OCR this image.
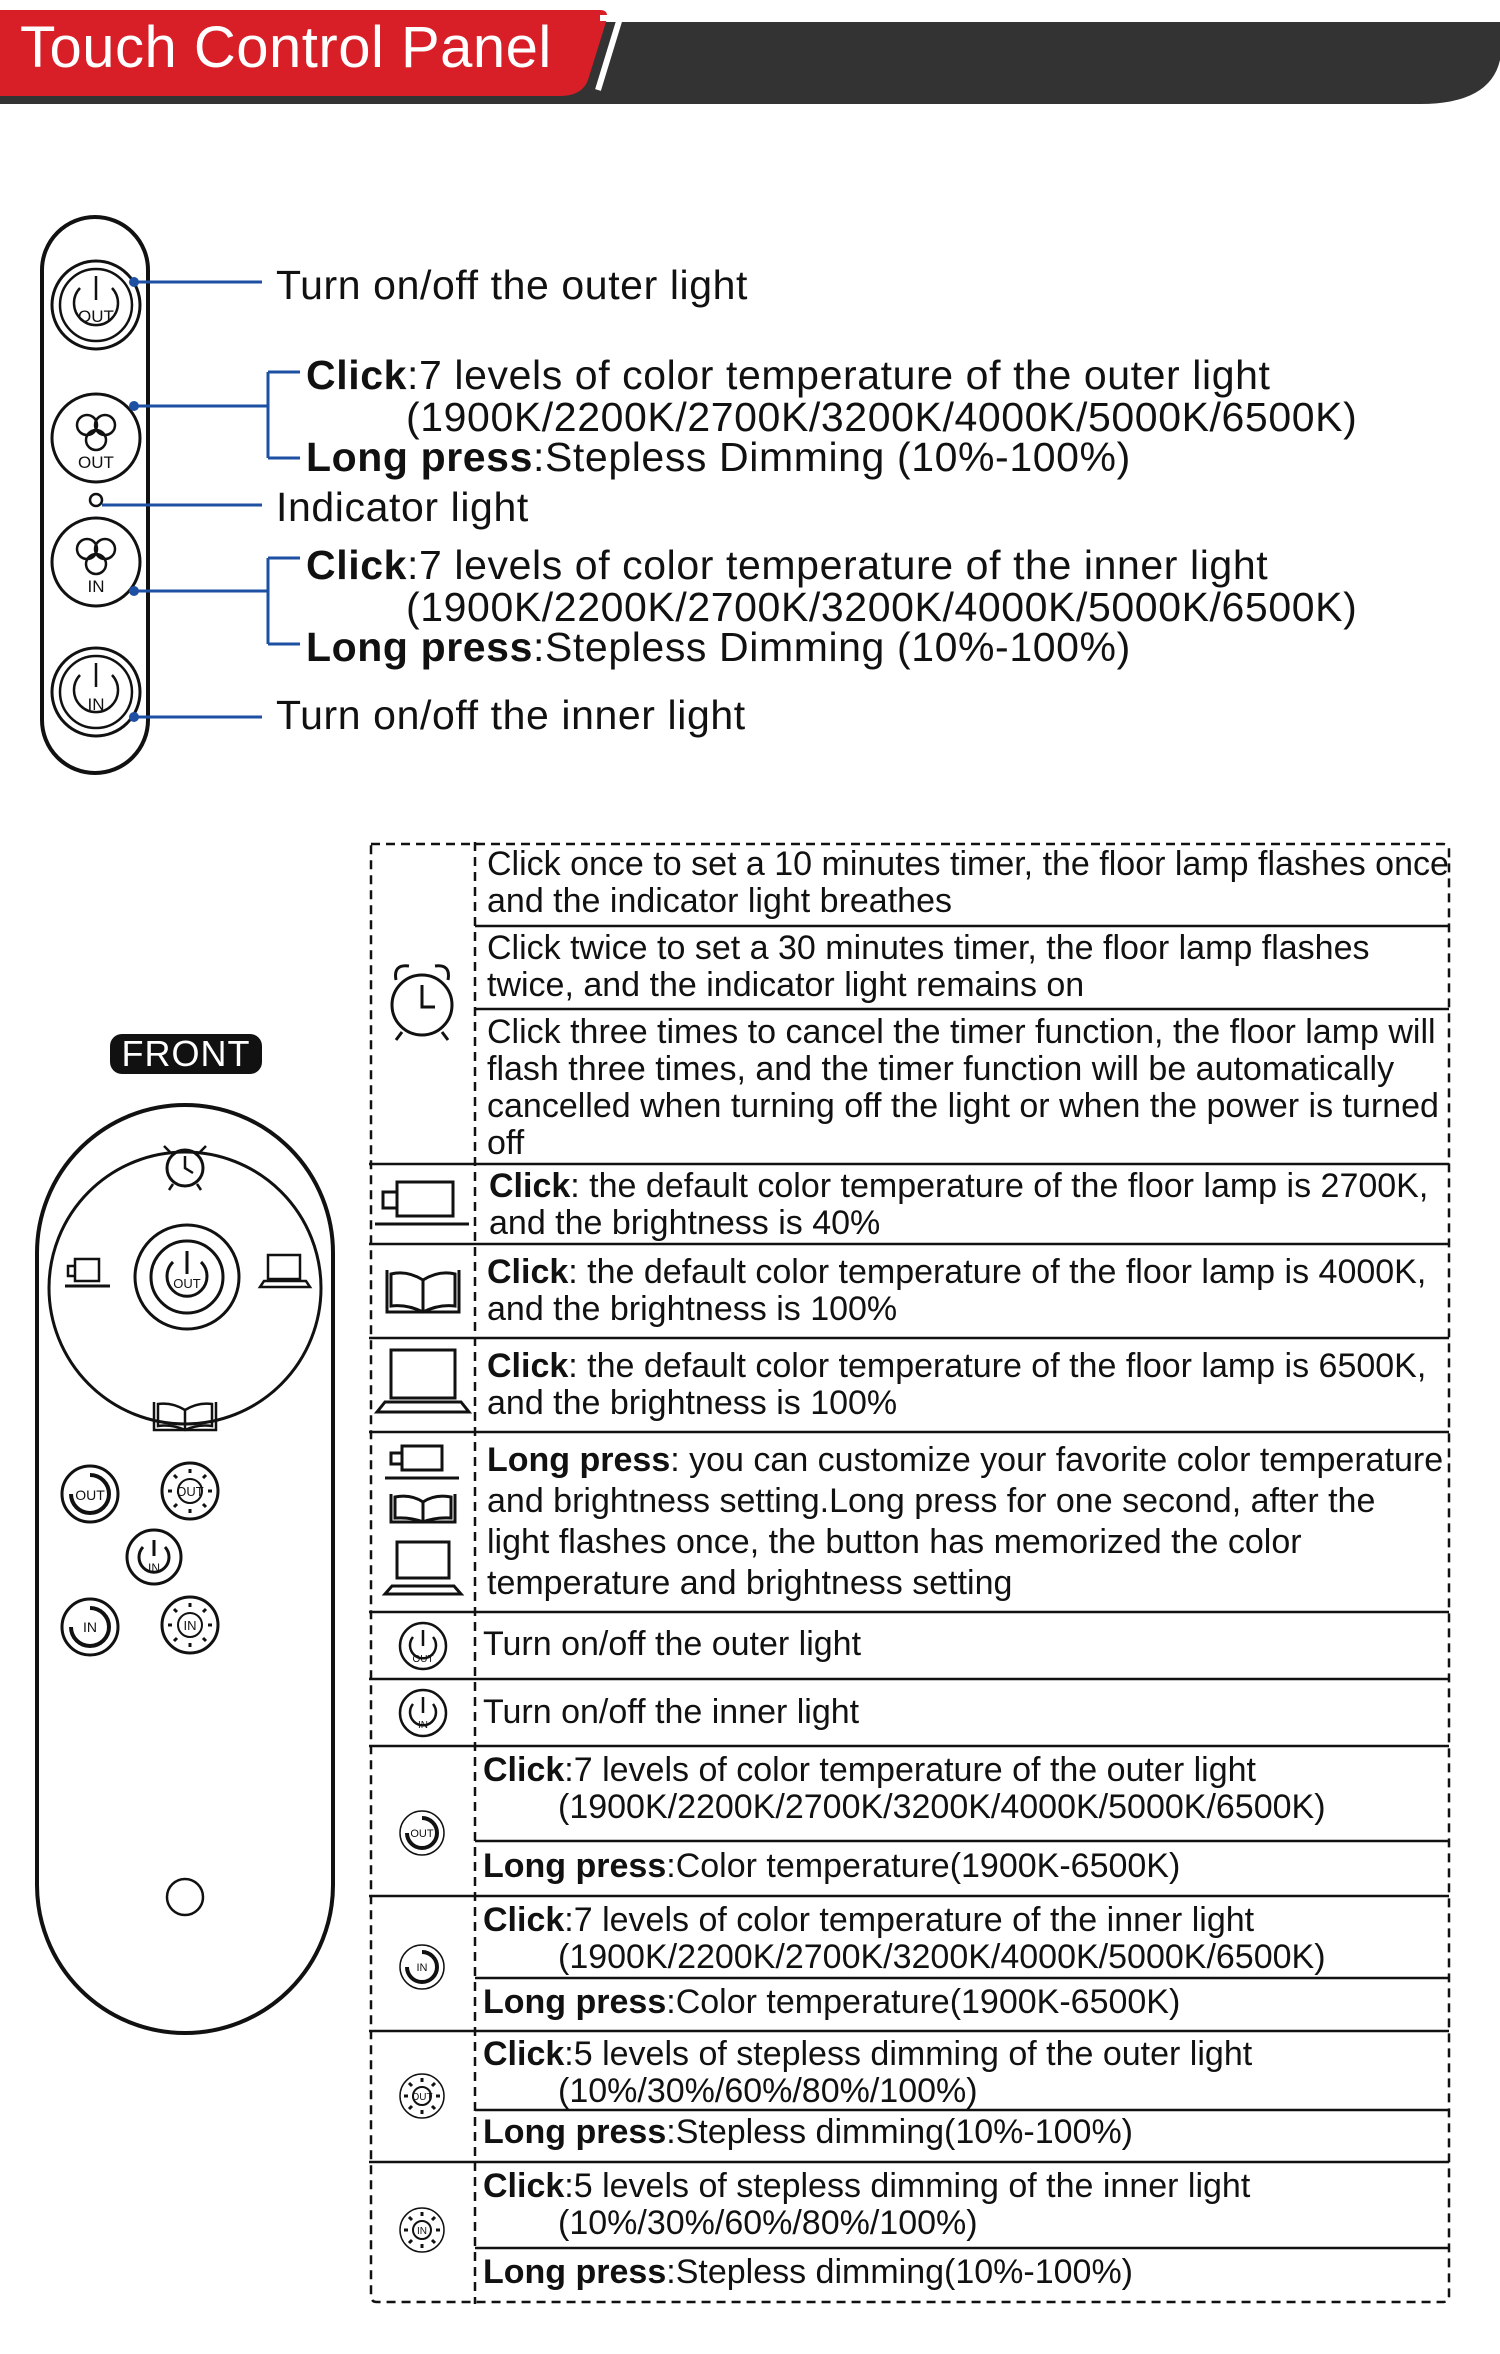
Touch Control Panel
OUT
OUT
IN
IN
Turn on/off the outer light
Click:7 levels of color temperature of the outer light
(1900K/2200K/2700K/3200K/4000K/5000K/6500K)
Long press:Stepless Dimming (10%-100%)
Indicator light
Click:7 levels of color temperature of the inner light
(1900K/2200K/2700K/3200K/4000K/5000K/6500K)
Long press:Stepless Dimming (10%-100%)
Turn on/off the inner light
FRONT
OUT
OUT	OUT
IN
IN	IN
OUT
IN
OUT
IN
OUT
IN
Click once to set a 10 minutes timer, the floor lamp flashes once and the indicator light breathes
Click twice to set a 30 minutes timer, the floor lamp flashes twice, and the indicator light remains on
Click three times to cancel the timer function, the floor lamp will flash three times, and the timer function will be automatically cancelled when turning off the light or when the power is turned off
Click: the default color temperature of the floor lamp is 2700K, and the brightness is 40%
Click: the default color temperature of the floor lamp is 4000K, and the brightness is 100%
Click: the default color temperature of the floor lamp is 6500K, and the brightness is 100%
Long press: you can customize your favorite color temperature and brightness setting.Long press for one second, after the light flashes once, the button has memorized the color temperature and brightness setting
Turn on/off the outer light
Turn on/off the inner light
Click:7 levels of color temperature of the outer light
(1900K/2200K/2700K/3200K/4000K/5000K/6500K)
Long press:Color temperature(1900K-6500K)
Click:7 levels of color temperature of the inner light
(1900K/2200K/2700K/3200K/4000K/5000K/6500K)
Long press:Color temperature(1900K-6500K)
Click:5 levels of stepless dimming of the outer light
(10%/30%/60%/80%/100%)
Long press:Stepless dimming(10%-100%)
Click:5 levels of stepless dimming of the inner light
(10%/30%/60%/80%/100%)
Long press:Stepless dimming(10%-100%)
